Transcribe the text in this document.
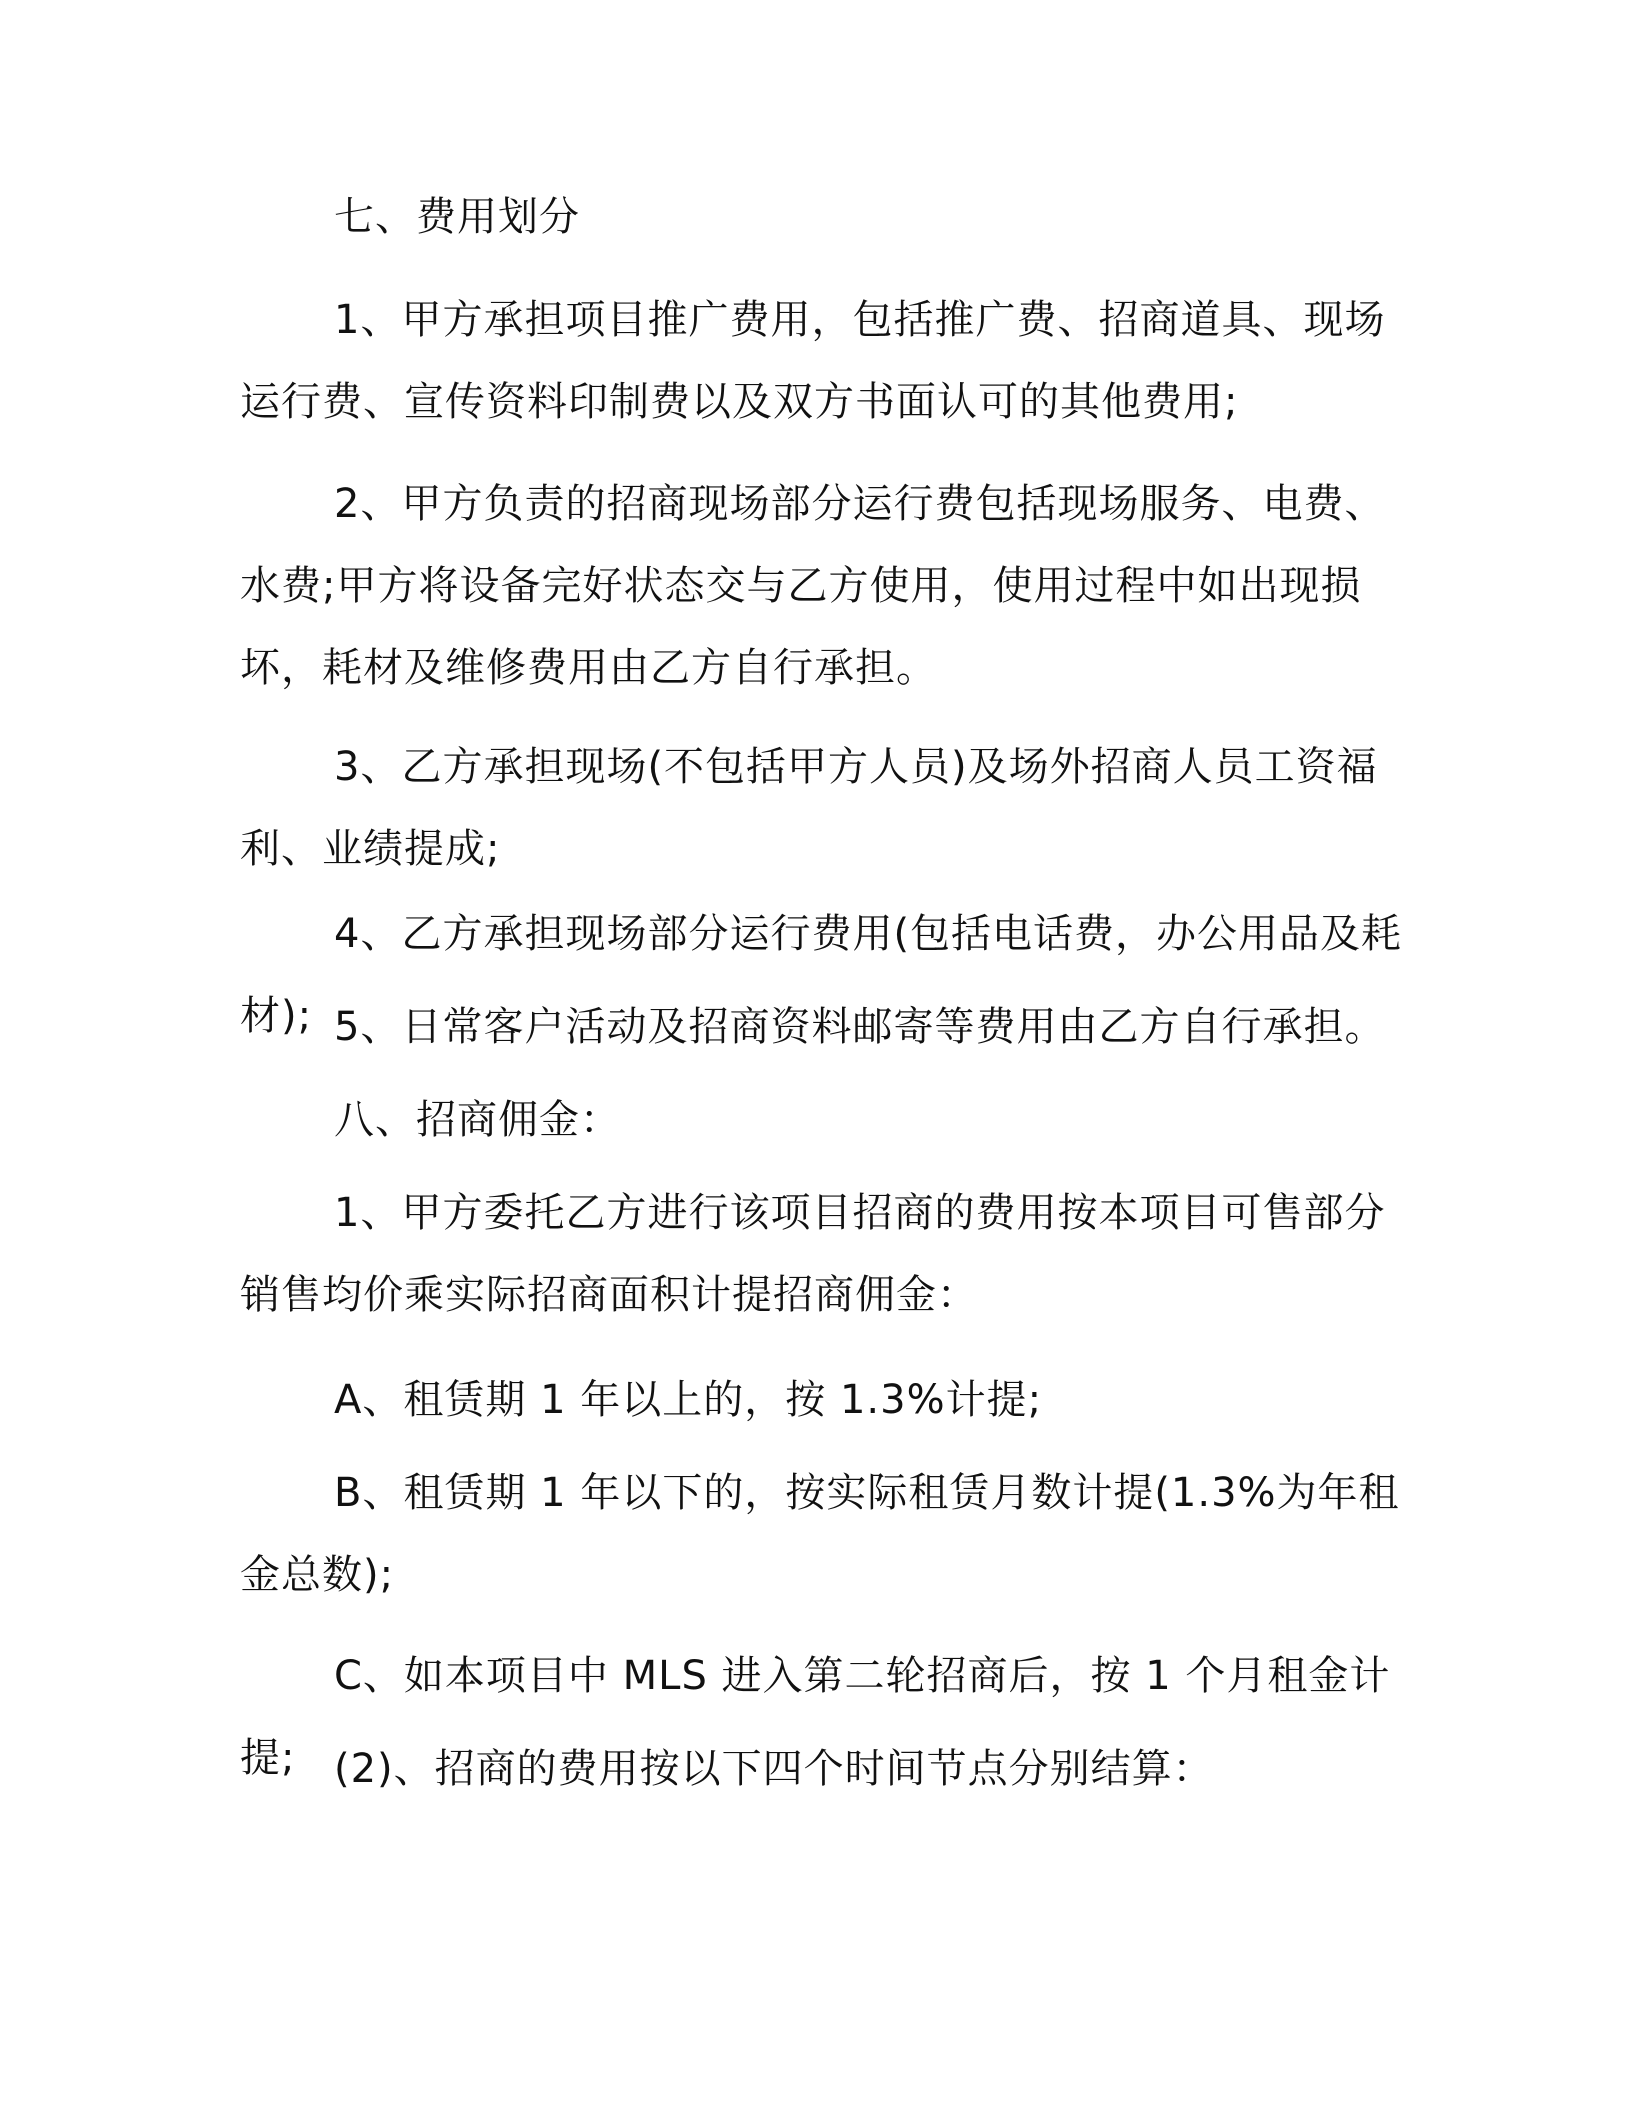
七、费用划分

1、甲方承担项目推广费用，包括推广费、招商道具、现场运行费、宣传资料印制费以及双方书面认可的其他费用;

2、甲方负责的招商现场部分运行费包括现场服务、电费、水费;甲方将设备完好状态交与乙方使用，使用过程中如出现损坏，耗材及维修费用由乙方自行承担。

3、乙方承担现场(不包括甲方人员)及场外招商人员工资福利、业绩提成;

4、乙方承担现场部分运行费用(包括电话费，办公用品及耗材); 5、日常客户活动及招商资料邮寄等费用由乙方自行承担。

八、招商佣金：

1、甲方委托乙方进行该项目招商的费用按本项目可售部分销售均价乘实际招商面积计提招商佣金：

A、租赁期 1 年以上的，按 1.3%计提;

B、租赁期 1 年以下的，按实际租赁月数计提(1.3%为年租金总数);

C、如本项目中 MLS 进入第二轮招商后，按 1 个月租金计提; (2)、招商的费用按以下四个时间节点分别结算：
